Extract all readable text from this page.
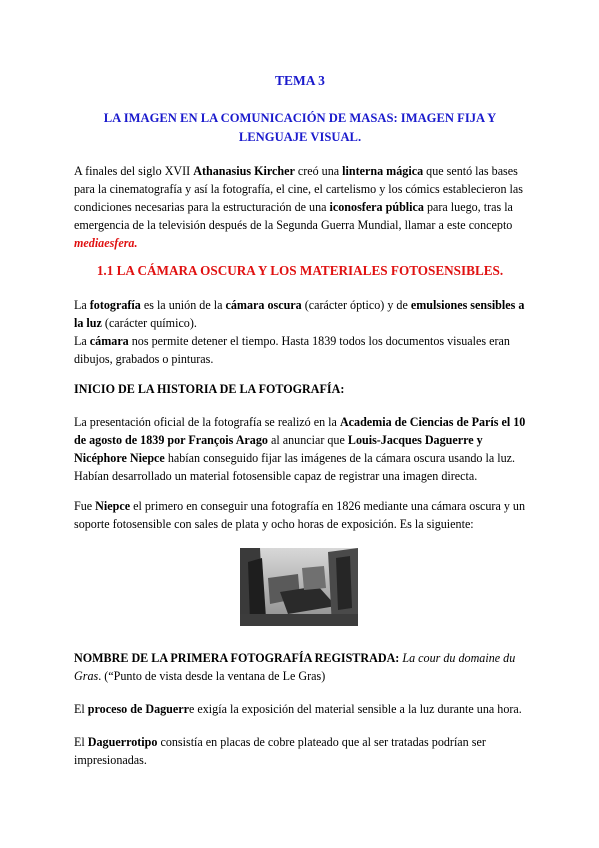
TEMA 3

LA IMAGEN EN LA COMUNICACIÓN DE MASAS: IMAGEN FIJA Y
LENGUAJE VISUAL.

A finales del siglo XVII Athanasius Kircher creó una linterna mágica que sentó las bases para la cinematografía y así la fotografía, el cine, el cartelismo y los cómics establecieron las condiciones necesarias para la estructuración de una iconosfera pública para luego, tras la emergencia de la televisión después de la Segunda Guerra Mundial, llamar a este concepto mediaesfera.

1.1 LA CÁMARA OSCURA Y LOS MATERIALES FOTOSENSIBLES.

La fotografía es la unión de la cámara oscura (carácter óptico) y de emulsiones sensibles a la luz (carácter químico).
La cámara nos permite detener el tiempo. Hasta 1839 todos los documentos visuales eran dibujos, grabados o pinturas.

INICIO DE LA HISTORIA DE LA FOTOGRAFÍA:

La presentación oficial de la fotografía se realizó en la Academia de Ciencias de París el 10 de agosto de 1839 por François Arago al anunciar que Louis-Jacques Daguerre y Nicéphore Niepce habían conseguido fijar las imágenes de la cámara oscura usando la luz. Habían desarrollado un material fotosensible capaz de registrar una imagen directa.

Fue Niepce el primero en conseguir una fotografía en 1826 mediante una cámara oscura y un soporte fotosensible con sales de plata y ocho horas de exposición. Es la siguiente:

NOMBRE DE LA PRIMERA FOTOGRAFÍA REGISTRADA: La cour du domaine du Gras. (“Punto de vista desde la ventana de Le Gras)

El proceso de Daguerre exigía la exposición del material sensible a la luz durante una hora.

El Daguerrotipo consistía en placas de cobre plateado que al ser tratadas podrían ser impresionadas.
